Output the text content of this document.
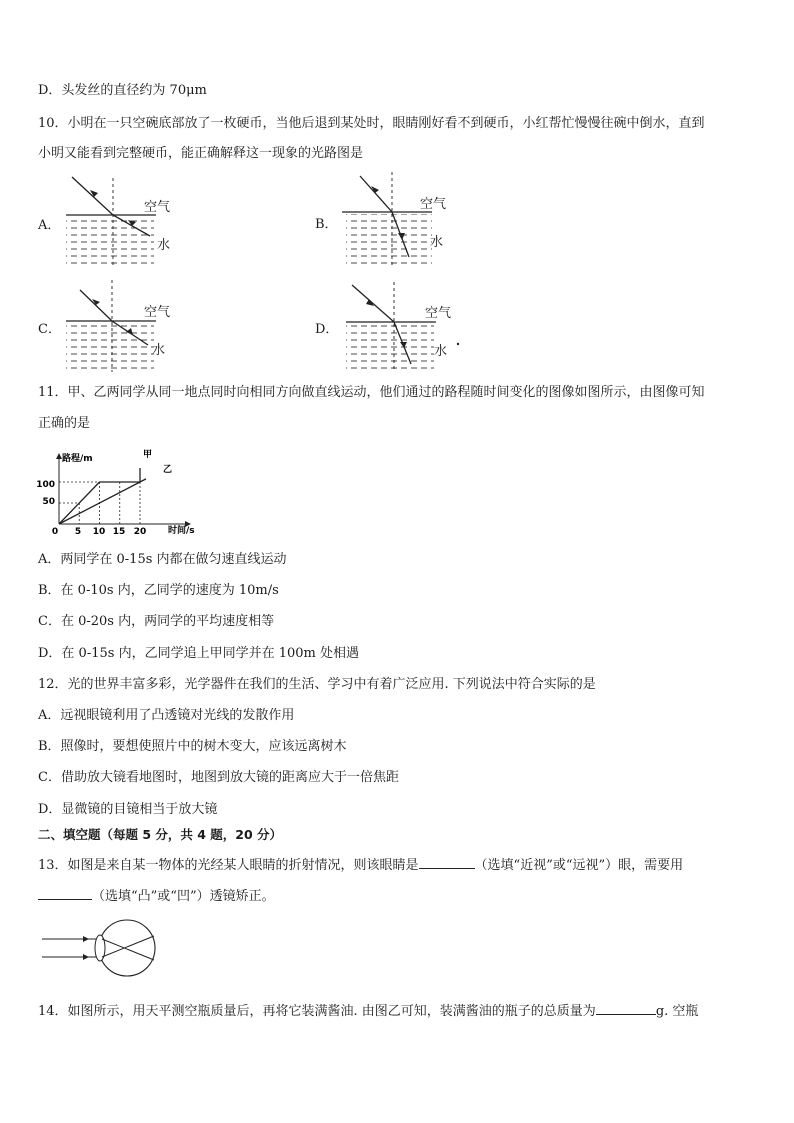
D．头发丝的直径约为 70μm
10．小明在一只空碗底部放了一枚硬币，当他后退到某处时，眼睛刚好看不到硬币，小红帮忙慢慢往碗中倒水，直到
小明又能看到完整硬币，能正确解释这一现象的光路图是
A．
空气
水
B．
空气
水
C．
空气
水
D．
空气
水
11．甲、乙两同学从同一地点同时向相同方向做直线运动，他们通过的路程随时间变化的图像如图所示，由图像可知
正确的是
路程/m
时间/s
0
100
50
5 10 15 20
甲
乙
A．两同学在 0-15s 内都在做匀速直线运动
B．在 0-10s 内，乙同学的速度为 10m/s
C．在 0-20s 内，两同学的平均速度相等
D．在 0-15s 内，乙同学追上甲同学并在 100m 处相遇
12．光的世界丰富多彩，光学器件在我们的生活、学习中有着广泛应用. 下列说法中符合实际的是
A．远视眼镜利用了凸透镜对光线的发散作用
B．照像时，要想使照片中的树木变大，应该远离树木
C．借助放大镜看地图时，地图到放大镜的距离应大于一倍焦距
D．显微镜的目镜相当于放大镜
二、填空题（每题 5 分，共 4 题，20 分）
13．如图是来自某一物体的光经某人眼睛的折射情况，则该眼睛是	（选填“近视”或“远视”）眼，需要用
（选填“凸”或“凹”）透镜矫正。
14．如图所示，用天平测空瓶质量后，再将它装满酱油. 由图乙可知，装满酱油的瓶子的总质量为	g. 空瓶
